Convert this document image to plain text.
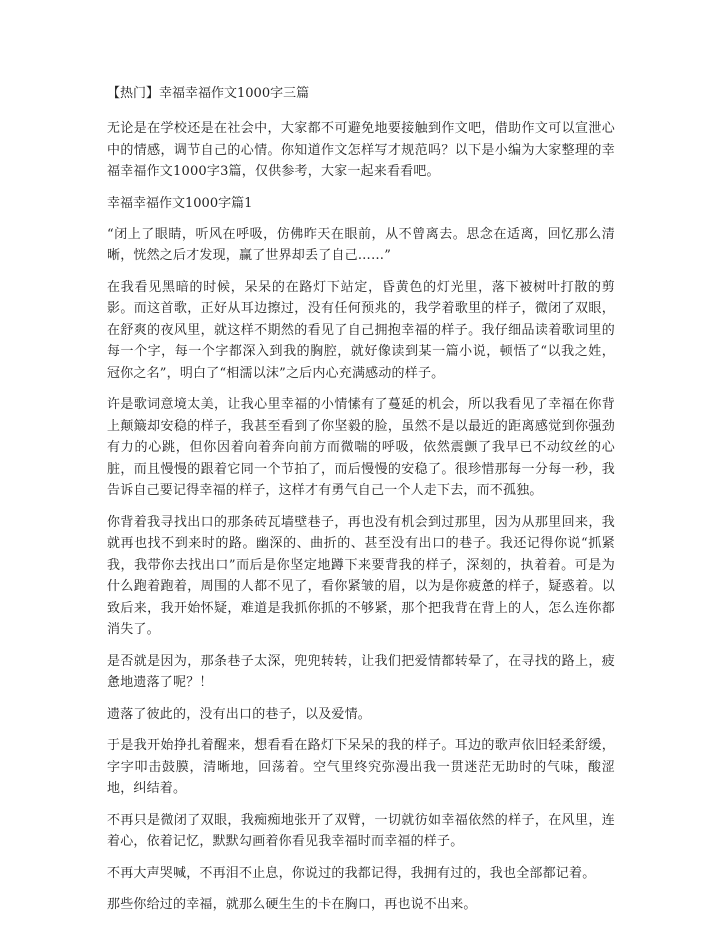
【热门】幸福幸福作文1000字三篇
无论是在学校还是在社会中，大家都不可避免地要接触到作文吧，借助作文可以宣泄心中的情感，调节自己的心情。你知道作文怎样写才规范吗？以下是小编为大家整理的幸福幸福作文1000字3篇，仅供参考，大家一起来看看吧。
幸福幸福作文1000字篇1
“闭上了眼睛，听风在呼吸，仿佛昨天在眼前，从不曾离去。思念在适离，回忆那么清晰，恍然之后才发现，赢了世界却丢了自己……”
在我看见黑暗的时候，呆呆的在路灯下站定，昏黄色的灯光里，落下被树叶打散的剪影。而这首歌，正好从耳边擦过，没有任何预兆的，我学着歌里的样子，微闭了双眼，在舒爽的夜风里，就这样不期然的看见了自己拥抱幸福的样子。我仔细品读着歌词里的每一个字，每一个字都深入到我的胸腔，就好像读到某一篇小说，顿悟了“以我之姓，冠你之名”，明白了“相濡以沫”之后内心充满感动的样子。
许是歌词意境太美，让我心里幸福的小情愫有了蔓延的机会，所以我看见了幸福在你背上颠簸却安稳的样子，我甚至看到了你坚毅的脸，虽然不是以最近的距离感觉到你强劲有力的心跳，但你因着向着奔向前方而微喘的呼吸，依然震颤了我早已不动纹丝的心脏，而且慢慢的跟着它同一个节拍了，而后慢慢的安稳了。很珍惜那每一分每一秒，我告诉自己要记得幸福的样子，这样才有勇气自己一个人走下去，而不孤独。
你背着我寻找出口的那条砖瓦墙壁巷子，再也没有机会到过那里，因为从那里回来，我就再也找不到来时的路。幽深的、曲折的、甚至没有出口的巷子。我还记得你说“抓紧我，我带你去找出口”而后是你坚定地蹲下来要背我的样子，深刻的，执着着。可是为什么跑着跑着，周围的人都不见了，看你紧皱的眉，以为是你疲惫的样子，疑惑着。以致后来，我开始怀疑，难道是我抓你抓的不够紧，那个把我背在背上的人，怎么连你都消失了。
是否就是因为，那条巷子太深，兜兜转转，让我们把爱情都转晕了，在寻找的路上，疲惫地遗落了呢？！
遗落了彼此的，没有出口的巷子，以及爱情。
于是我开始挣扎着醒来，想看看在路灯下呆呆的我的样子。耳边的歌声依旧轻柔舒缓，字字叩击鼓膜，清晰地，回荡着。空气里终究弥漫出我一贯迷茫无助时的气味，酸涩地，纠结着。
不再只是微闭了双眼，我痴痴地张开了双臂，一切就彷如幸福依然的样子，在风里，连着心，依着记忆，默默勾画着你看见我幸福时而幸福的样子。
不再大声哭喊，不再泪不止息，你说过的我都记得，我拥有过的，我也全部都记着。
那些你给过的幸福，就那么硬生生的卡在胸口，再也说不出来。
